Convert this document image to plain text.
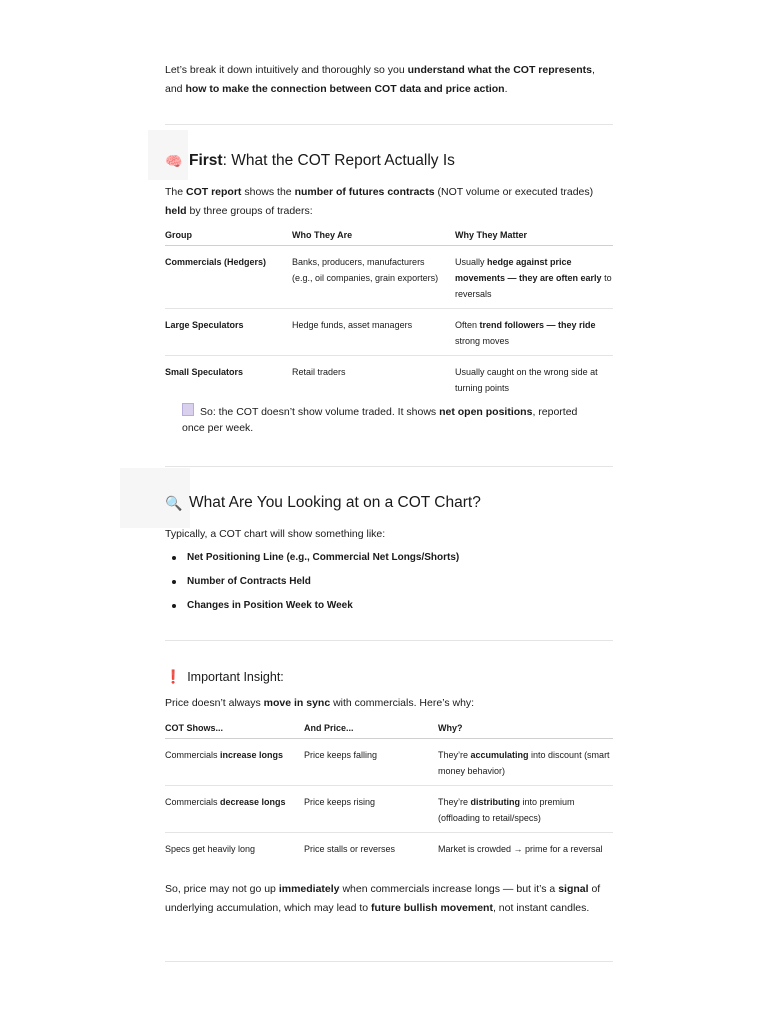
Let’s break it down intuitively and thoroughly so you understand what the COT represents, and how to make the connection between COT data and price action.

🧠 First : What the COT Report Actually Is

The COT report shows the number of futures contracts (NOT volume or executed trades) held by three groups of traders:

Group	Who They Are	Why They Matter
Commercials (Hedgers)	Banks, producers, manufacturers (e.g., oil companies, grain exporters)	Usually hedge against price movements — they are often early to reversals
Large Speculators	Hedge funds, asset managers	Often trend followers — they ride strong moves
Small Speculators	Retail traders	Usually caught on the wrong side at turning points

So: the COT doesn’t show volume traded. It shows net open positions, reported once per week.

🔍 What Are You Looking at on a COT Chart?

Typically, a COT chart will show something like:

Net Positioning Line (e.g., Commercial Net Longs/Shorts)
Number of Contracts Held
Changes in Position Week to Week
❗ Important Insight:

Price doesn’t always move in sync with commercials. Here’s why:

COT Shows...	And Price...	Why?
Commercials increase longs	Price keeps falling	They’re accumulating into discount (smart money behavior)
Commercials decrease longs	Price keeps rising	They’re distributing into premium (offloading to retail/specs)
Specs get heavily long	Price stalls or reverses	Market is crowded → prime for a reversal

So, price may not go up immediately when commercials increase longs — but it’s a signal of underlying accumulation, which may lead to future bullish movement, not instant candles.
